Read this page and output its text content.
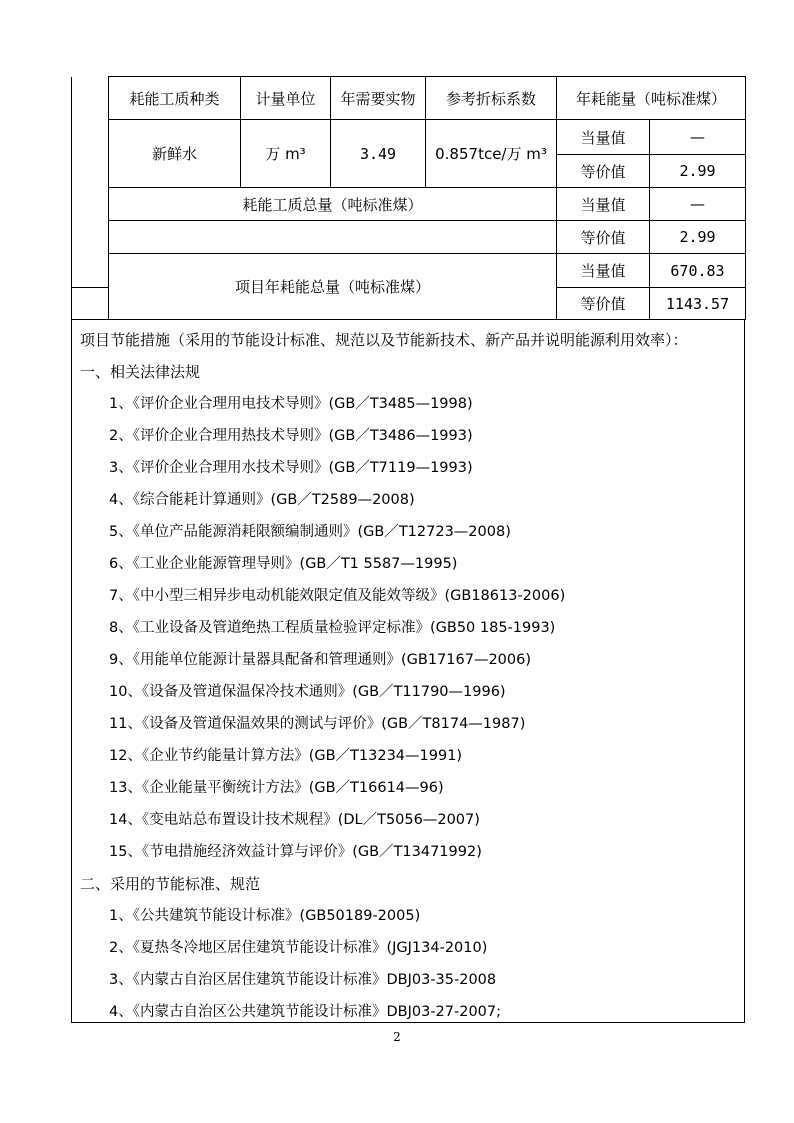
	耗能工质种类	计量单位	年需要实物	参考折标系数	年耗能量（吨标准煤）	
	新鲜水	万 m³	3.49	0.857tce/万 m³	当量值	—
					等价值	2.99
	耗能工质总量（吨标准煤）				当量值	—
					等价值	2.99
	项目年耗能总量（吨标准煤）				当量值	670.83
					等价值	1143.57
项目节能措施（采用的节能设计标准、规范以及节能新技术、新产品并说明能源利用效率）：
一、相关法律法规
1、《评价企业合理用电技术导则》(GB／T3485—1998)
2、《评价企业合理用热技术导则》(GB／T3486—1993)
3、《评价企业合理用水技术导则》(GB／T7119—1993)
4、《综合能耗计算通则》(GB／T2589—2008)
5、《单位产品能源消耗限额编制通则》(GB／T12723—2008)
6、《工业企业能源管理导则》(GB／T1 5587—1995)
7、《中小型三相异步电动机能效限定值及能效等级》(GB18613-2006)
8、《工业设备及管道绝热工程质量检验评定标准》(GB50 185-1993)
9、《用能单位能源计量器具配备和管理通则》(GB17167—2006)
10、《设备及管道保温保冷技术通则》(GB／T11790—1996)
11、《设备及管道保温效果的测试与评价》(GB／T8174—1987)
12、《企业节约能量计算方法》(GB／T13234—1991)
13、《企业能量平衡统计方法》(GB／T16614—96)
14、《变电站总布置设计技术规程》(DL／T5056—2007)
15、《节电措施经济效益计算与评价》(GB／T13471992)
二、采用的节能标准、规范
1、《公共建筑节能设计标准》(GB50189-2005)
2、《夏热冬冷地区居住建筑节能设计标准》(JGJ134-2010)
3、《内蒙古自治区居住建筑节能设计标准》DBJ03-35-2008
4、《内蒙古自治区公共建筑节能设计标准》DBJ03-27-2007;
2
